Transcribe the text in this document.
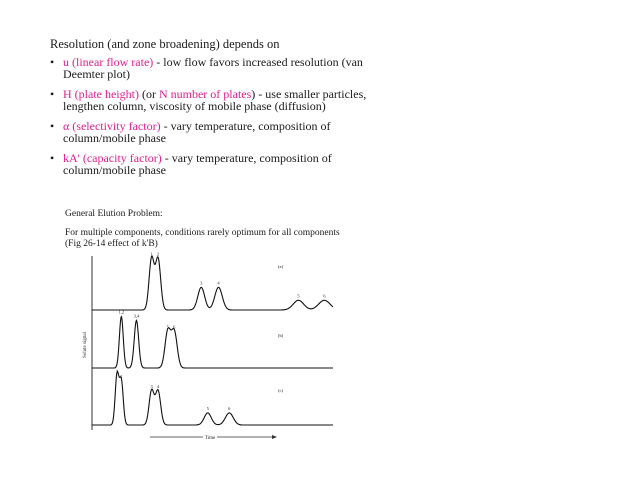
Resolution (and zone broadening) depends on
• u (linear flow rate) - low flow favors increased resolution (van Deemter plot)
• H (plate height) (or N number of plates) - use smaller particles, lengthen column, viscosity of mobile phase (diffusion)
• α (selectivity factor) - vary temperature, composition of column/mobile phase
• kA' (capacity factor) - vary temperature, composition of column/mobile phase
General Elution Problem:
For multiple components, conditions rarely optimum for all components (Fig 26-14 effect of k'B)
Solute signal
1 2
3	4
5	6
(a)
1,2
3,4
5 6
(b)
1
2
3 4
5	6
(c)
Time
